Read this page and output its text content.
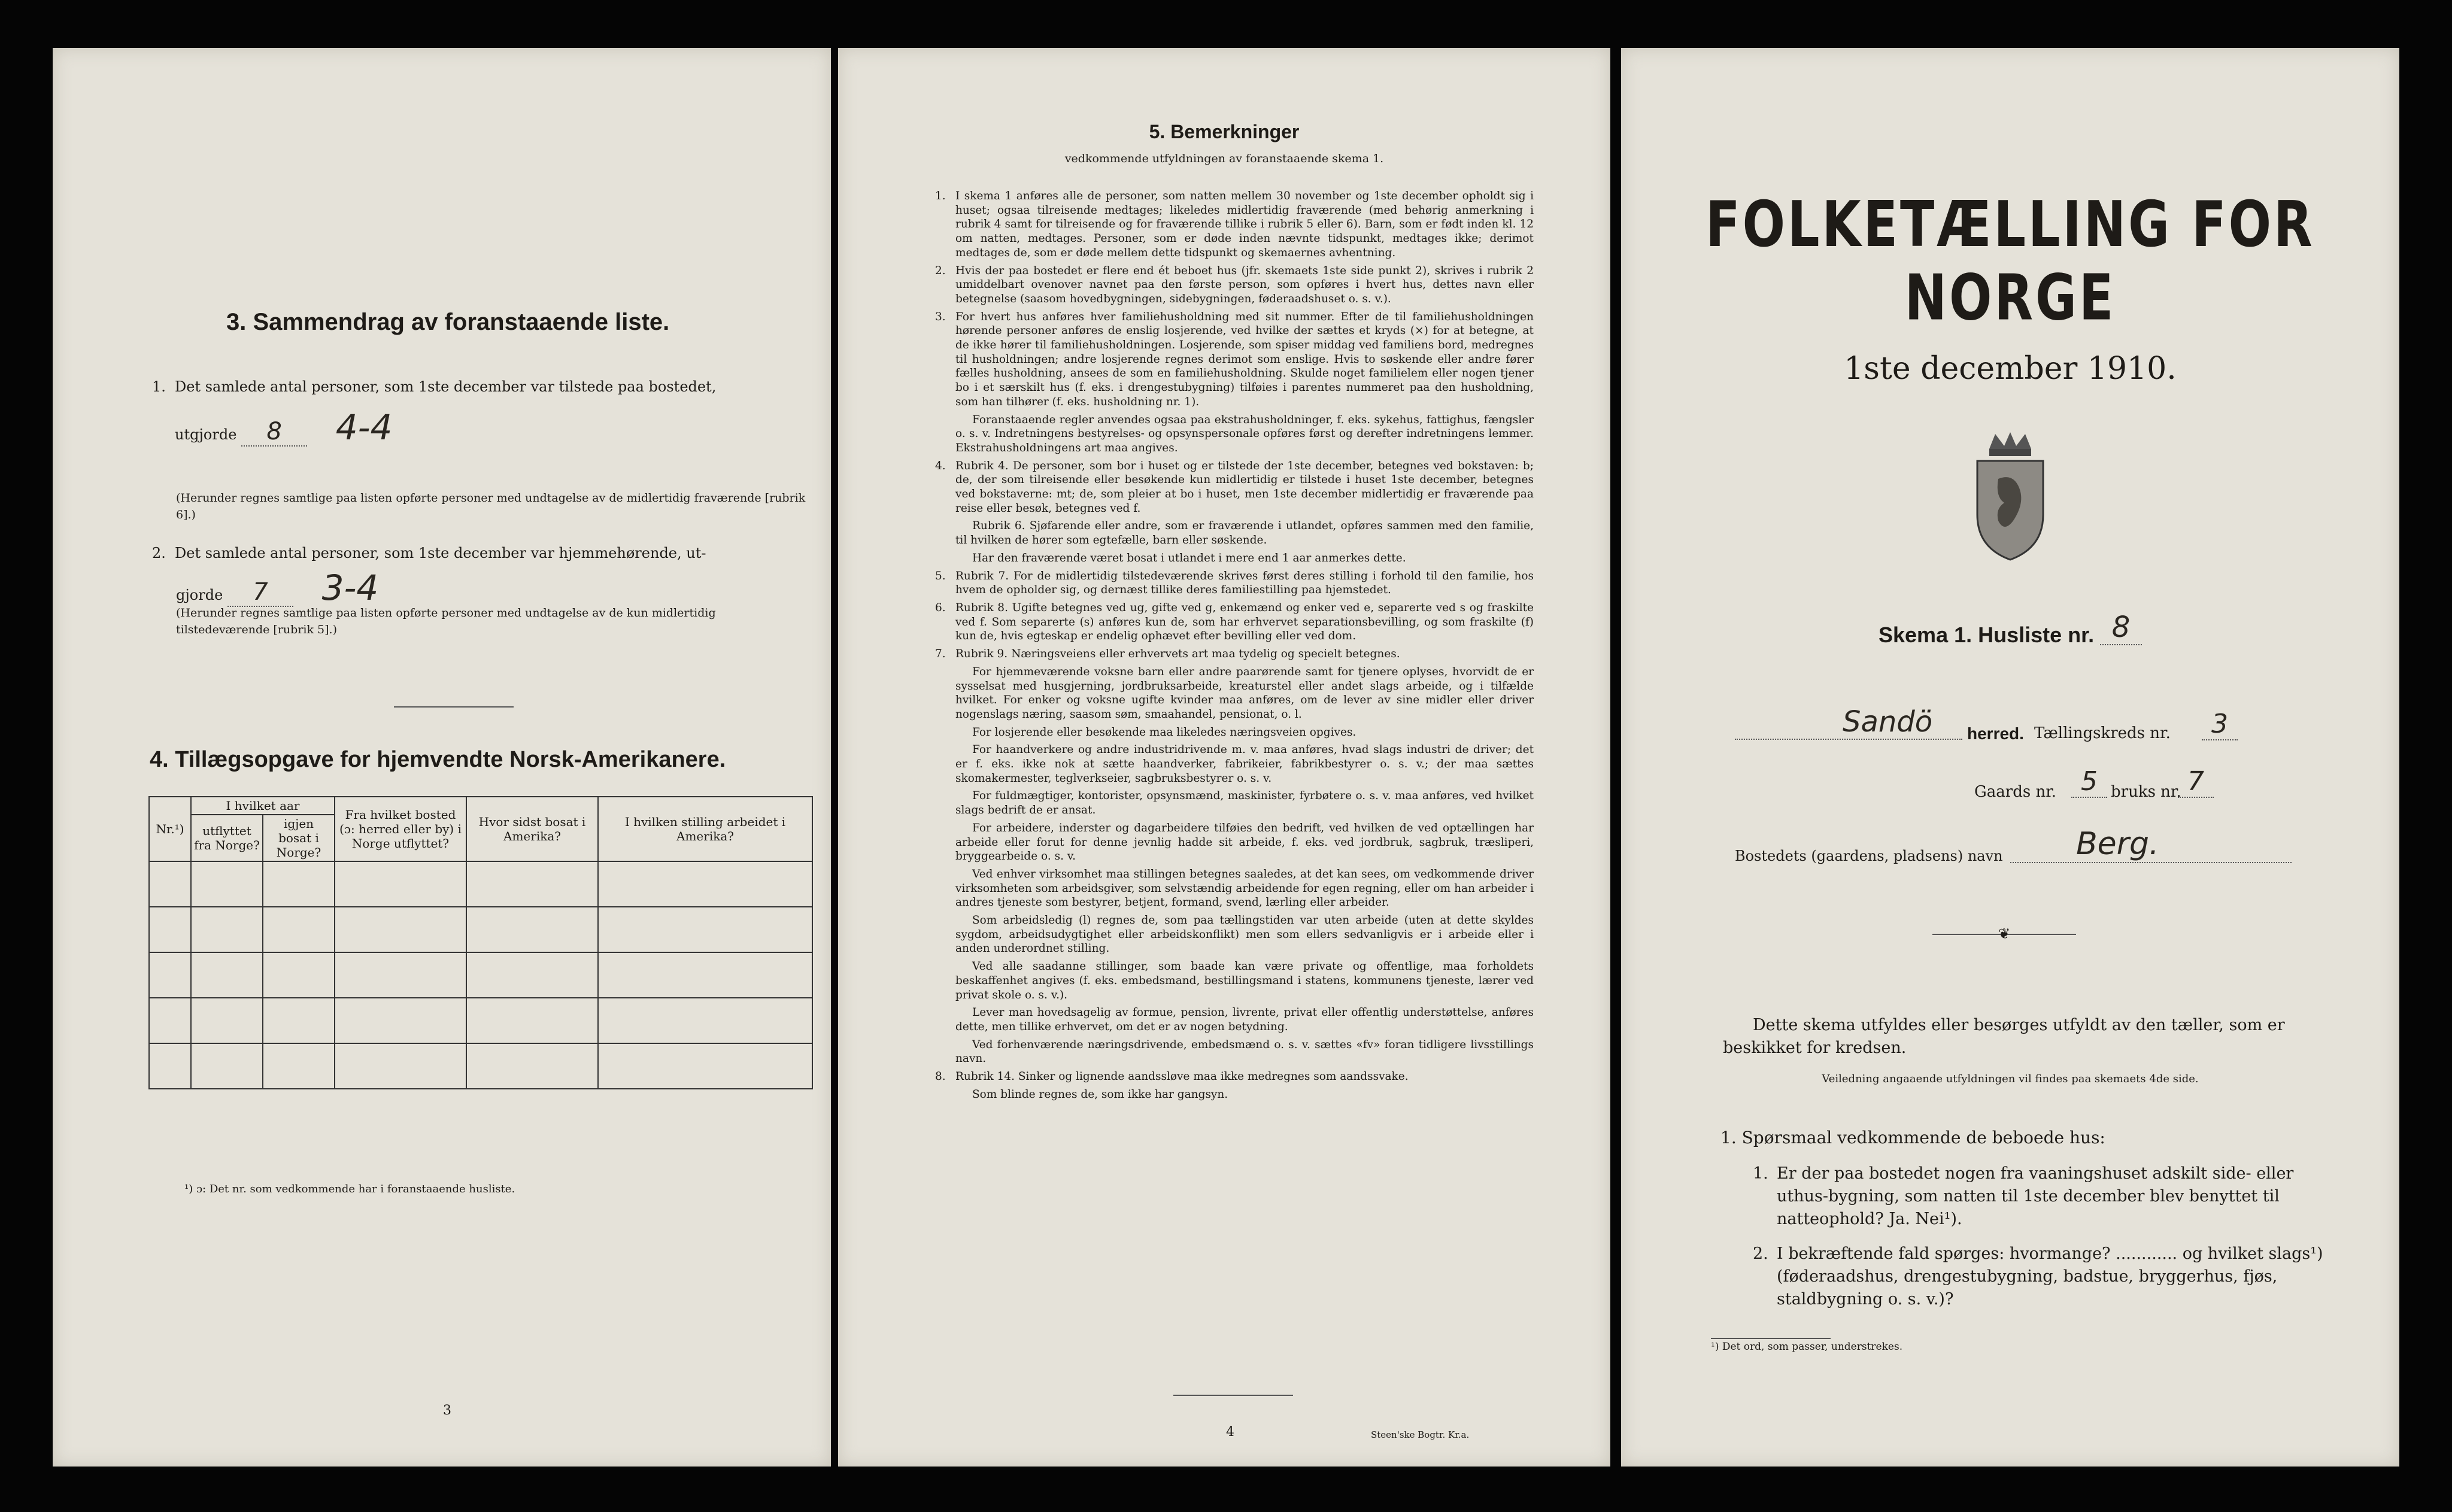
3. Sammendrag av foranstaaende liste.
1. Det samlede antal personer, som 1ste december var tilstede paa bostedet,
utgjorde 8 4-4
(Herunder regnes samtlige paa listen opførte personer med undtagelse av de midlertidig fraværende [rubrik 6].)
2. Det samlede antal personer, som 1ste december var hjemmehørende, ut-
gjorde 7 3-4
(Herunder regnes samtlige paa listen opførte personer med undtagelse av de kun midlertidig tilstedeværende [rubrik 5].)
4. Tillægsopgave for hjemvendte Norsk-Amerikanere.
Nr.¹)	I hvilket aar		Fra hvilket bosted (ɔ: herred eller by) i Norge utflyttet?	Hvor sidst bosat i Amerika?	I hvilken stilling arbeidet i Amerika?
	utflyttet fra Norge?	igjen bosat i Norge?			

¹) ɔ: Det nr. som vedkommende har i foranstaaende husliste.
3
5. Bemerkninger
vedkommende utfyldningen av foranstaaende skema 1.
1. I skema 1 anføres alle de personer, som natten mellem 30 november og 1ste december opholdt sig i huset; ogsaa tilreisende medtages; likeledes midlertidig fraværende (med behørig anmerkning i rubrik 4 samt for tilreisende og for fraværende tillike i rubrik 5 eller 6). Barn, som er født inden kl. 12 om natten, medtages. Personer, som er døde inden nævnte tidspunkt, medtages ikke; derimot medtages de, som er døde mellem dette tidspunkt og skemaernes avhentning.

2. Hvis der paa bostedet er flere end ét beboet hus (jfr. skemaets 1ste side punkt 2), skrives i rubrik 2 umiddelbart ovenover navnet paa den første person, som opføres i hvert hus, dettes navn eller betegnelse (saasom hovedbygningen, sidebygningen, føderaadshuset o. s. v.).

3. For hvert hus anføres hver familiehusholdning med sit nummer. Efter de til familiehusholdningen hørende personer anføres de enslig losjerende, ved hvilke der sættes et kryds (×) for at betegne, at de ikke hører til familiehusholdningen. Losjerende, som spiser middag ved familiens bord, medregnes til husholdningen; andre losjerende regnes derimot som enslige. Hvis to søskende eller andre fører fælles husholdning, ansees de som en familiehusholdning. Skulde noget familielem eller nogen tjener bo i et særskilt hus (f. eks. i drengestubygning) tilføies i parentes nummeret paa den husholdning, som han tilhører (f. eks. husholdning nr. 1).

Foranstaaende regler anvendes ogsaa paa ekstrahusholdninger, f. eks. sykehus, fattighus, fængsler o. s. v. Indretningens bestyrelses- og opsynspersonale opføres først og derefter indretningens lemmer. Ekstrahusholdningens art maa angives.

4. Rubrik 4. De personer, som bor i huset og er tilstede der 1ste december, betegnes ved bokstaven: b; de, der som tilreisende eller besøkende kun midlertidig er tilstede i huset 1ste december, betegnes ved bokstaverne: mt; de, som pleier at bo i huset, men 1ste december midlertidig er fraværende paa reise eller besøk, betegnes ved f.

Rubrik 6. Sjøfarende eller andre, som er fraværende i utlandet, opføres sammen med den familie, til hvilken de hører som egtefælle, barn eller søskende.

Har den fraværende været bosat i utlandet i mere end 1 aar anmerkes dette.

5. Rubrik 7. For de midlertidig tilstedeværende skrives først deres stilling i forhold til den familie, hos hvem de opholder sig, og dernæst tillike deres familiestilling paa hjemstedet.

6. Rubrik 8. Ugifte betegnes ved ug, gifte ved g, enkemænd og enker ved e, separerte ved s og fraskilte ved f. Som separerte (s) anføres kun de, som har erhvervet separationsbevilling, og som fraskilte (f) kun de, hvis egteskap er endelig ophævet efter bevilling eller ved dom.

7. Rubrik 9. Næringsveiens eller erhvervets art maa tydelig og specielt betegnes.

For hjemmeværende voksne barn eller andre paarørende samt for tjenere oplyses, hvorvidt de er sysselsat med husgjerning, jordbruksarbeide, kreaturstel eller andet slags arbeide, og i tilfælde hvilket. For enker og voksne ugifte kvinder maa anføres, om de lever av sine midler eller driver nogenslags næring, saasom søm, smaahandel, pensionat, o. l.

For losjerende eller besøkende maa likeledes næringsveien opgives.

For haandverkere og andre industridrivende m. v. maa anføres, hvad slags industri de driver; det er f. eks. ikke nok at sætte haandverker, fabrikeier, fabrikbestyrer o. s. v.; der maa sættes skomakermester, teglverkseier, sagbruksbestyrer o. s. v.

For fuldmægtiger, kontorister, opsynsmænd, maskinister, fyrbøtere o. s. v. maa anføres, ved hvilket slags bedrift de er ansat.

For arbeidere, inderster og dagarbeidere tilføies den bedrift, ved hvilken de ved optællingen har arbeide eller forut for denne jevnlig hadde sit arbeide, f. eks. ved jordbruk, sagbruk, træsliperi, bryggearbeide o. s. v.

Ved enhver virksomhet maa stillingen betegnes saaledes, at det kan sees, om vedkommende driver virksomheten som arbeidsgiver, som selvstændig arbeidende for egen regning, eller om han arbeider i andres tjeneste som bestyrer, betjent, formand, svend, lærling eller arbeider.

Som arbeidsledig (l) regnes de, som paa tællingstiden var uten arbeide (uten at dette skyldes sygdom, arbeidsudygtighet eller arbeidskonflikt) men som ellers sedvanligvis er i arbeide eller i anden underordnet stilling.

Ved alle saadanne stillinger, som baade kan være private og offentlige, maa forholdets beskaffenhet angives (f. eks. embedsmand, bestillingsmand i statens, kommunens tjeneste, lærer ved privat skole o. s. v.).

Lever man hovedsagelig av formue, pension, livrente, privat eller offentlig understøttelse, anføres dette, men tillike erhvervet, om det er av nogen betydning.

Ved forhenværende næringsdrivende, embedsmænd o. s. v. sættes «fv» foran tidligere livsstillings navn.

8. Rubrik 14. Sinker og lignende aandssløve maa ikke medregnes som aandssvake.

Som blinde regnes de, som ikke har gangsyn.

4	Steen'ske Bogtr. Kr.a.
FOLKETÆLLING FOR NORGE
1ste december 1910.
Skema 1. Husliste nr. 8
Sandö	herred. Tællingskreds nr.	3
Gaards nr. 5 bruks nr. 7
Bostedets (gaardens, pladsens) navn	Berg.
❦
Dette skema utfyldes eller besørges utfyldt av den tæller, som er beskikket for kredsen.
Veiledning angaaende utfyldningen vil findes paa skemaets 4de side.
1. Spørsmaal vedkommende de beboede hus:
1. Er der paa bostedet nogen fra vaaningshuset adskilt side- eller uthus-bygning, som natten til 1ste december blev benyttet til natteophold? Ja. Nei¹).
2. I bekræftende fald spørges: hvormange? ............ og hvilket slags¹) (føderaadshus, drengestubygning, badstue, bryggerhus, fjøs, staldbygning o. s. v.)?
¹) Det ord, som passer, understrekes.
